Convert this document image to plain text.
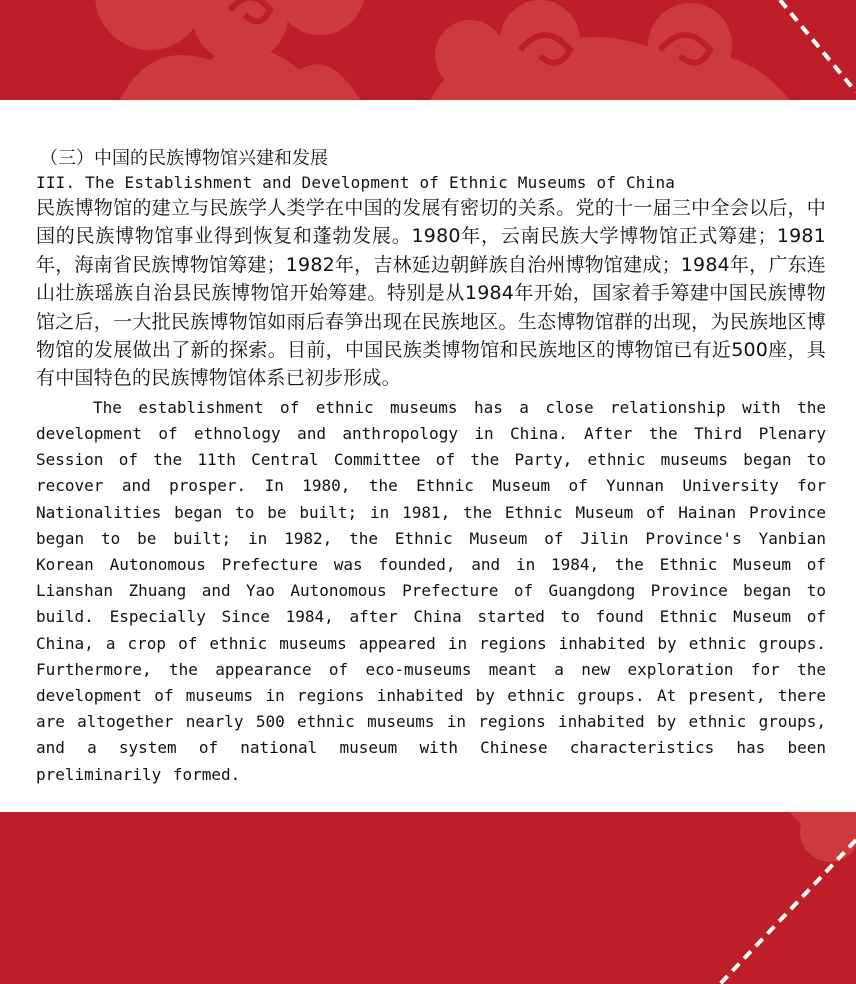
（三）中国的民族博物馆兴建和发展
III. The Establishment and Development of Ethnic Museums of China

民族博物馆的建立与民族学人类学在中国的发展有密切的关系。党的十一届三中全会以后，中国的民族博物馆事业得到恢复和蓬勃发展。1980年，云南民族大学博物馆正式筹建；1981年，海南省民族博物馆筹建；1982年，吉林延边朝鲜族自治州博物馆建成；1984年，广东连山壮族瑶族自治县民族博物馆开始筹建。特别是从1984年开始，国家着手筹建中国民族博物馆之后，一大批民族博物馆如雨后春笋出现在民族地区。生态博物馆群的出现，为民族地区博物馆的发展做出了新的探索。目前，中国民族类博物馆和民族地区的博物馆已有近500座，具有中国特色的民族博物馆体系已初步形成。

The establishment of ethnic museums has a close relationship with the development of ethnology and anthropology in China. After the Third Plenary Session of the 11th Central Committee of the Party, ethnic museums began to recover and prosper. In 1980, the Ethnic Museum of Yunnan University for Nationalities began to be built; in 1981, the Ethnic Museum of Hainan Province began to be built; in 1982, the Ethnic Museum of Jilin Province's Yanbian Korean Autonomous Prefecture was founded, and in 1984, the Ethnic Museum of Lianshan Zhuang and Yao Autonomous Prefecture of Guangdong Province began to build. Especially Since 1984, after China started to found Ethnic Museum of China, a crop of ethnic museums appeared in regions inhabited by ethnic groups. Furthermore, the appearance of eco-museums meant a new exploration for the development of museums in regions inhabited by ethnic groups. At present, there are altogether nearly 500 ethnic museums in regions inhabited by ethnic groups, and a system of national museum with Chinese characteristics has been preliminarily formed.
